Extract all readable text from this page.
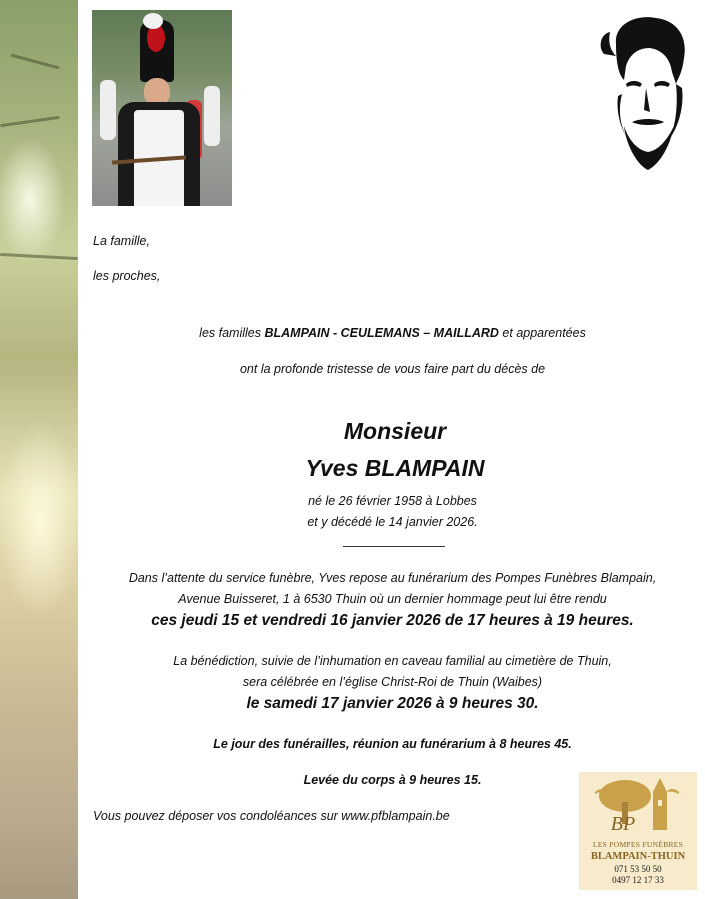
La famille,
les proches,
les familles BLAMPAIN - CEULEMANS – MAILLARD et apparentées
ont la profonde tristesse de vous faire part du décès de
Monsieur
Yves BLAMPAIN
né le 26 février 1958 à Lobbes
et y décédé le 14 janvier 2026.
Dans l’attente du service funèbre, Yves repose au funérarium des Pompes Funèbres Blampain,
Avenue Buisseret, 1 à 6530 Thuin où un dernier hommage peut lui être rendu
ces jeudi 15 et vendredi 16 janvier 2026 de 17 heures à 19 heures.
La bénédiction, suivie de l’inhumation en caveau familial au cimetière de Thuin,
sera célébrée en l’église Christ-Roi de Thuin (Waibes)
le samedi 17 janvier 2026 à 9 heures 30.
Le jour des funérailles, réunion au funérarium à 8 heures 45.
Levée du corps à 9 heures 15.
Vous pouvez déposer vos condoléances sur www.pfblampain.be	BP
LES POMPES FUNÈBRES
BLAMPAIN-THUIN
071 53 50 50
0497 12 17 33
